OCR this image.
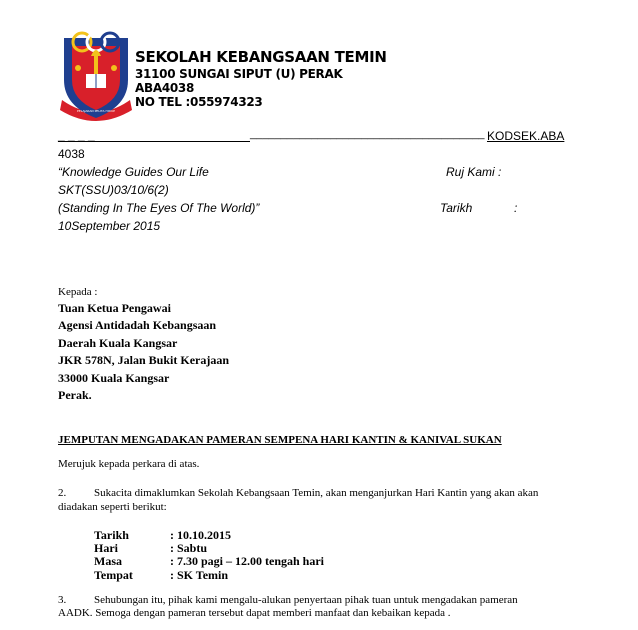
PELAJARAN PELITA HIDUP
SEKOLAH KEBANGSAAN TEMIN
31100 SUNGAI SIPUT (U) PERAK
ABA4038
NO TEL :055974323
_ _ _ _	_ _ _ _ _ _ _ _ _ _ _ _ _ _ _ _ _ _ _ _ _ _ _ _ _ _ _ _ _ _ _ _ _ _ _ _ _ _ KODSEK.ABA
4038
“Knowledge Guides Our Life	Ruj Kami :
SKT(SSU)03/10/6(2)
(Standing In The Eyes Of The World)”	Tarikh	:
10September 2015
Kepada :
Tuan Ketua Pengawai
Agensi Antidadah Kebangsaan
Daerah Kuala Kangsar
JKR 578N, Jalan Bukit Kerajaan
33000 Kuala Kangsar
Perak.
JEMPUTAN MENGADAKAN PAMERAN SEMPENA HARI KANTIN & KANIVAL SUKAN
Merujuk kepada perkara di atas.
2.	Sukacita dimaklumkan Sekolah Kebangsaan Temin, akan menganjurkan Hari Kantin yang akan akan
diadakan seperti berikut:
Tarikh	: 10.10.2015
Hari	: Sabtu
Masa	: 7.30 pagi – 12.00 tengah hari
Tempat	: SK Temin
3.	Sehubungan itu, pihak kami mengalu-alukan penyertaan pihak tuan untuk mengadakan pameran
AADK. Semoga dengan pameran tersebut dapat memberi manfaat dan kebaikan kepada .
